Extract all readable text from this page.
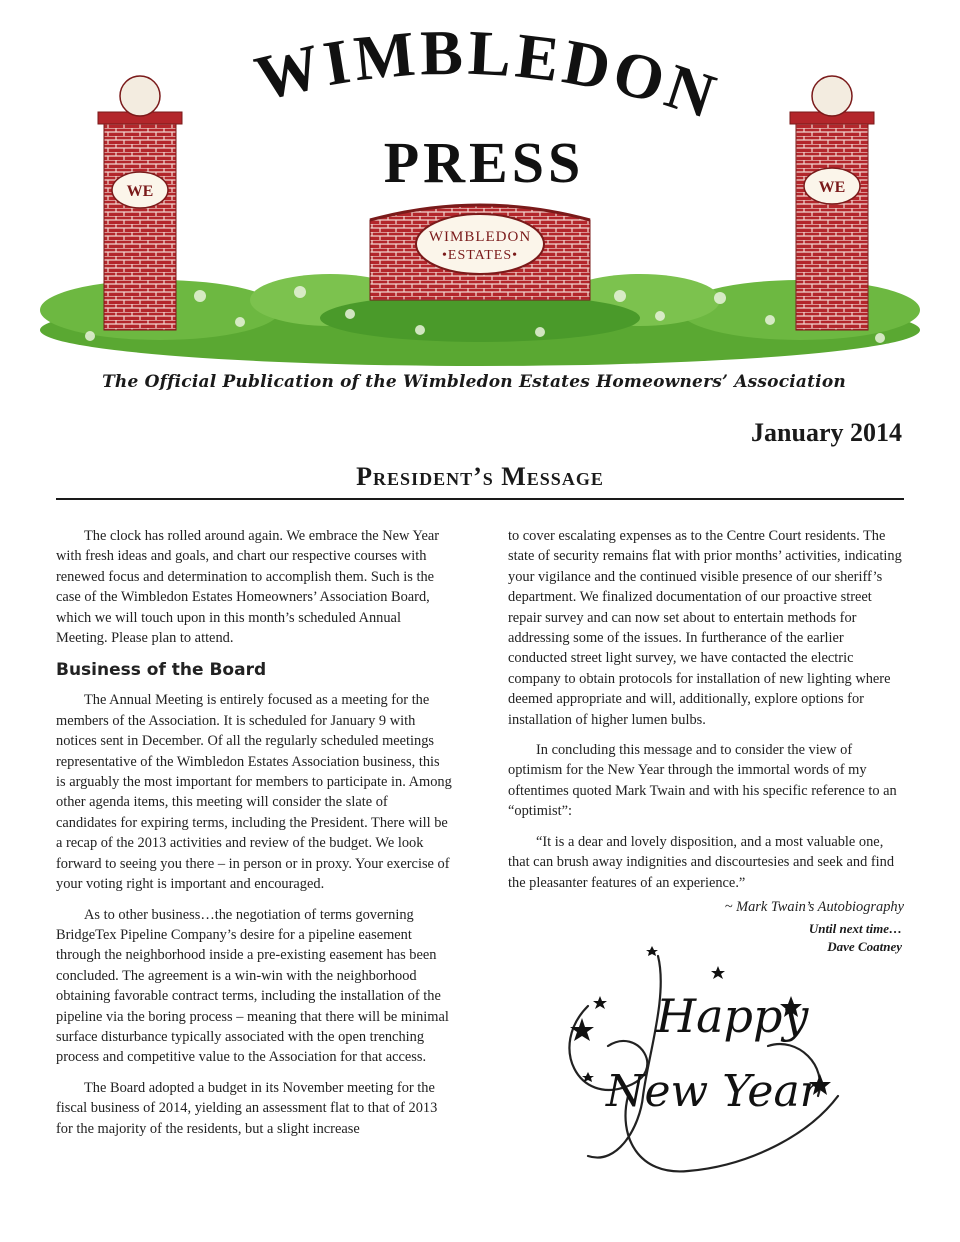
WE	WE
WIMBLEDON
•ESTATES•
WIMBLEDON
PRESS
The Official Publication of the Wimbledon Estates Homeowners’ Association
January 2014
President’s Message

The clock has rolled around again. We embrace the New Year with fresh ideas and goals, and chart our respective courses with renewed focus and determination to accomplish them. Such is the case of the Wimbledon Estates Homeowners’ Association Board, which we will touch upon in this month’s scheduled Annual Meeting. Please plan to attend.

Business of the Board

The Annual Meeting is entirely focused as a meeting for the members of the Association. It is scheduled for January 9 with notices sent in December. Of all the regularly scheduled meetings representative of the Wimbledon Estates Association business, this is arguably the most important for members to participate in. Among other agenda items, this meeting will consider the slate of candidates for expiring terms, including the President. There will be a recap of the 2013 activities and review of the budget. We look forward to seeing you there – in person or in proxy. Your exercise of your voting right is important and encouraged.

As to other business…the negotiation of terms governing BridgeTex Pipeline Company’s desire for a pipeline easement through the neighborhood inside a pre-existing easement has been concluded. The agreement is a win-win with the neighborhood obtaining favorable contract terms, including the installation of the pipeline via the boring process – meaning that there will be minimal surface disturbance typically associated with the open trenching process and competitive value to the Association for that access.

The Board adopted a budget in its November meeting for the fiscal business of 2014, yielding an assessment flat to that of 2013 for the majority of the residents, but a slight increase

to cover escalating expenses as to the Centre Court residents. The state of security remains flat with prior months’ activities, indicating your vigilance and the continued visible presence of our sheriff’s department. We finalized documentation of our proactive street repair survey and can now set about to entertain methods for addressing some of the issues. In furtherance of the earlier conducted street light survey, we have contacted the electric company to obtain protocols for installation of new lighting where deemed appropriate and will, additionally, explore options for installation of higher lumen bulbs.

In concluding this message and to consider the view of optimism for the New Year through the immortal words of my oftentimes quoted Mark Twain and with his specific reference to an “optimist”:

“It is a dear and lovely disposition, and a most valuable one, that can brush away indignities and discourtesies and seek and find the pleasanter features of an experience.”

~ Mark Twain’s Autobiography
Until next time…
Dave Coatney
Happy
New Year
